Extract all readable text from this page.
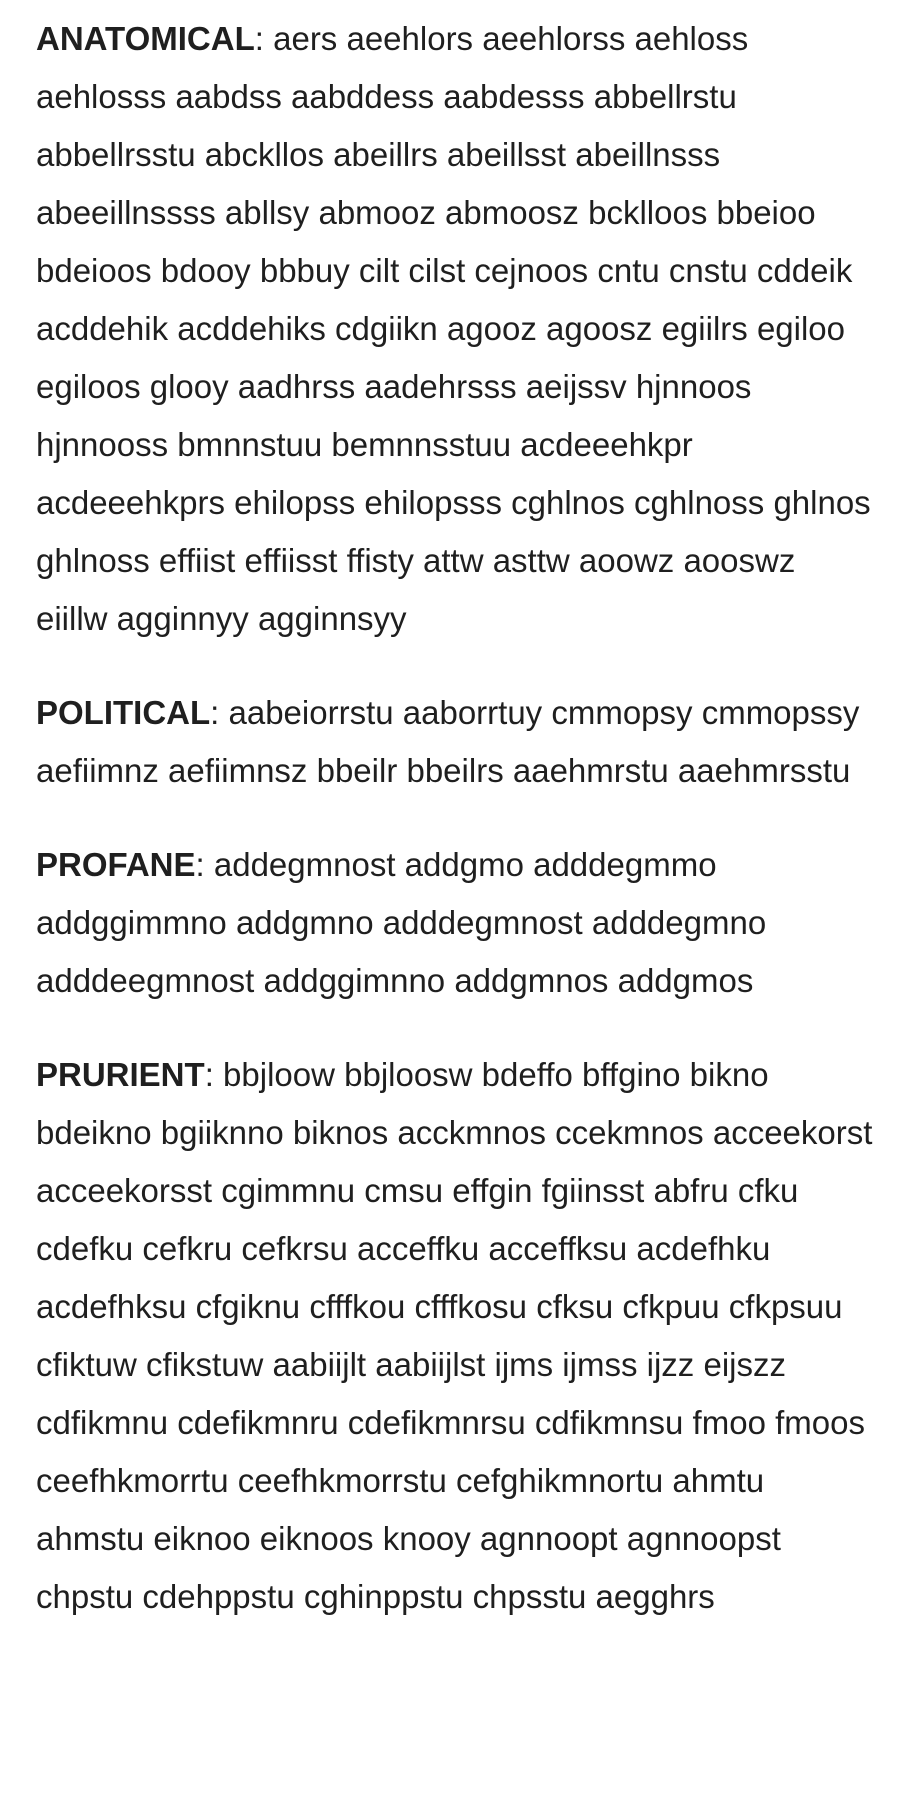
ANATOMICAL: aers aeehlors aeehlorss aehloss aehlosss aabdss aabddess aabdesss abbellrstu abbellrsstu abckllos abeillrs abeillsst abeillnsss abeeillnssss abllsy abmooz abmoosz bcklloos bbeioo bdeioos bdooy bbbuy cilt cilst cejnoos cntu cnstu cddeik acddehik acddehiks cdgiikn agooz agoosz egiilrs egiloo egiloos glooy aadhrss aadehrsss aeijssv hjnnoos hjnnooss bmnnstuu bemnnsstuu acdeeehkpr acdeeehkprs ehilopss ehilopsss cghlnos cghlnoss ghlnos ghlnoss effiist effiisst ffisty attw asttw aoowz aooswz eiillw agginnyy agginnsyy

POLITICAL: aabeiorrstu aaborrtuy cmmopsy cmmopssy aefiimnz aefiimnsz bbeilr bbeilrs aaehmrstu aaehmrsstu

PROFANE: addegmnost addgmo adddegmmo addggimmno addgmno adddegmnost adddegmno adddeegmnost addggimnno addgmnos addgmos

PRURIENT: bbjloow bbjloosw bdeffo bffgino bikno bdeikno bgiiknno biknos acckmnos ccekmnos acceekorst acceekorsst cgimmnu cmsu effgin fgiinsst abfru cfku cdefku cefkru cefkrsu acceffku acceffksu acdefhku acdefhksu cfgiknu cfffkou cfffkosu cfksu cfkpuu cfkpsuu cfiktuw cfikstuw aabiijlt aabiijlst ijms ijmss ijzz eijszz cdfikmnu cdefikmnru cdefikmnrsu cdfikmnsu fmoo fmoos ceefhkmorrtu ceefhkmorrstu cefghikmnortu ahmtu ahmstu eiknoo eiknoos knooy agnnoopt agnnoopst chpstu cdehppstu cghinppstu chpsstu aegghrs
